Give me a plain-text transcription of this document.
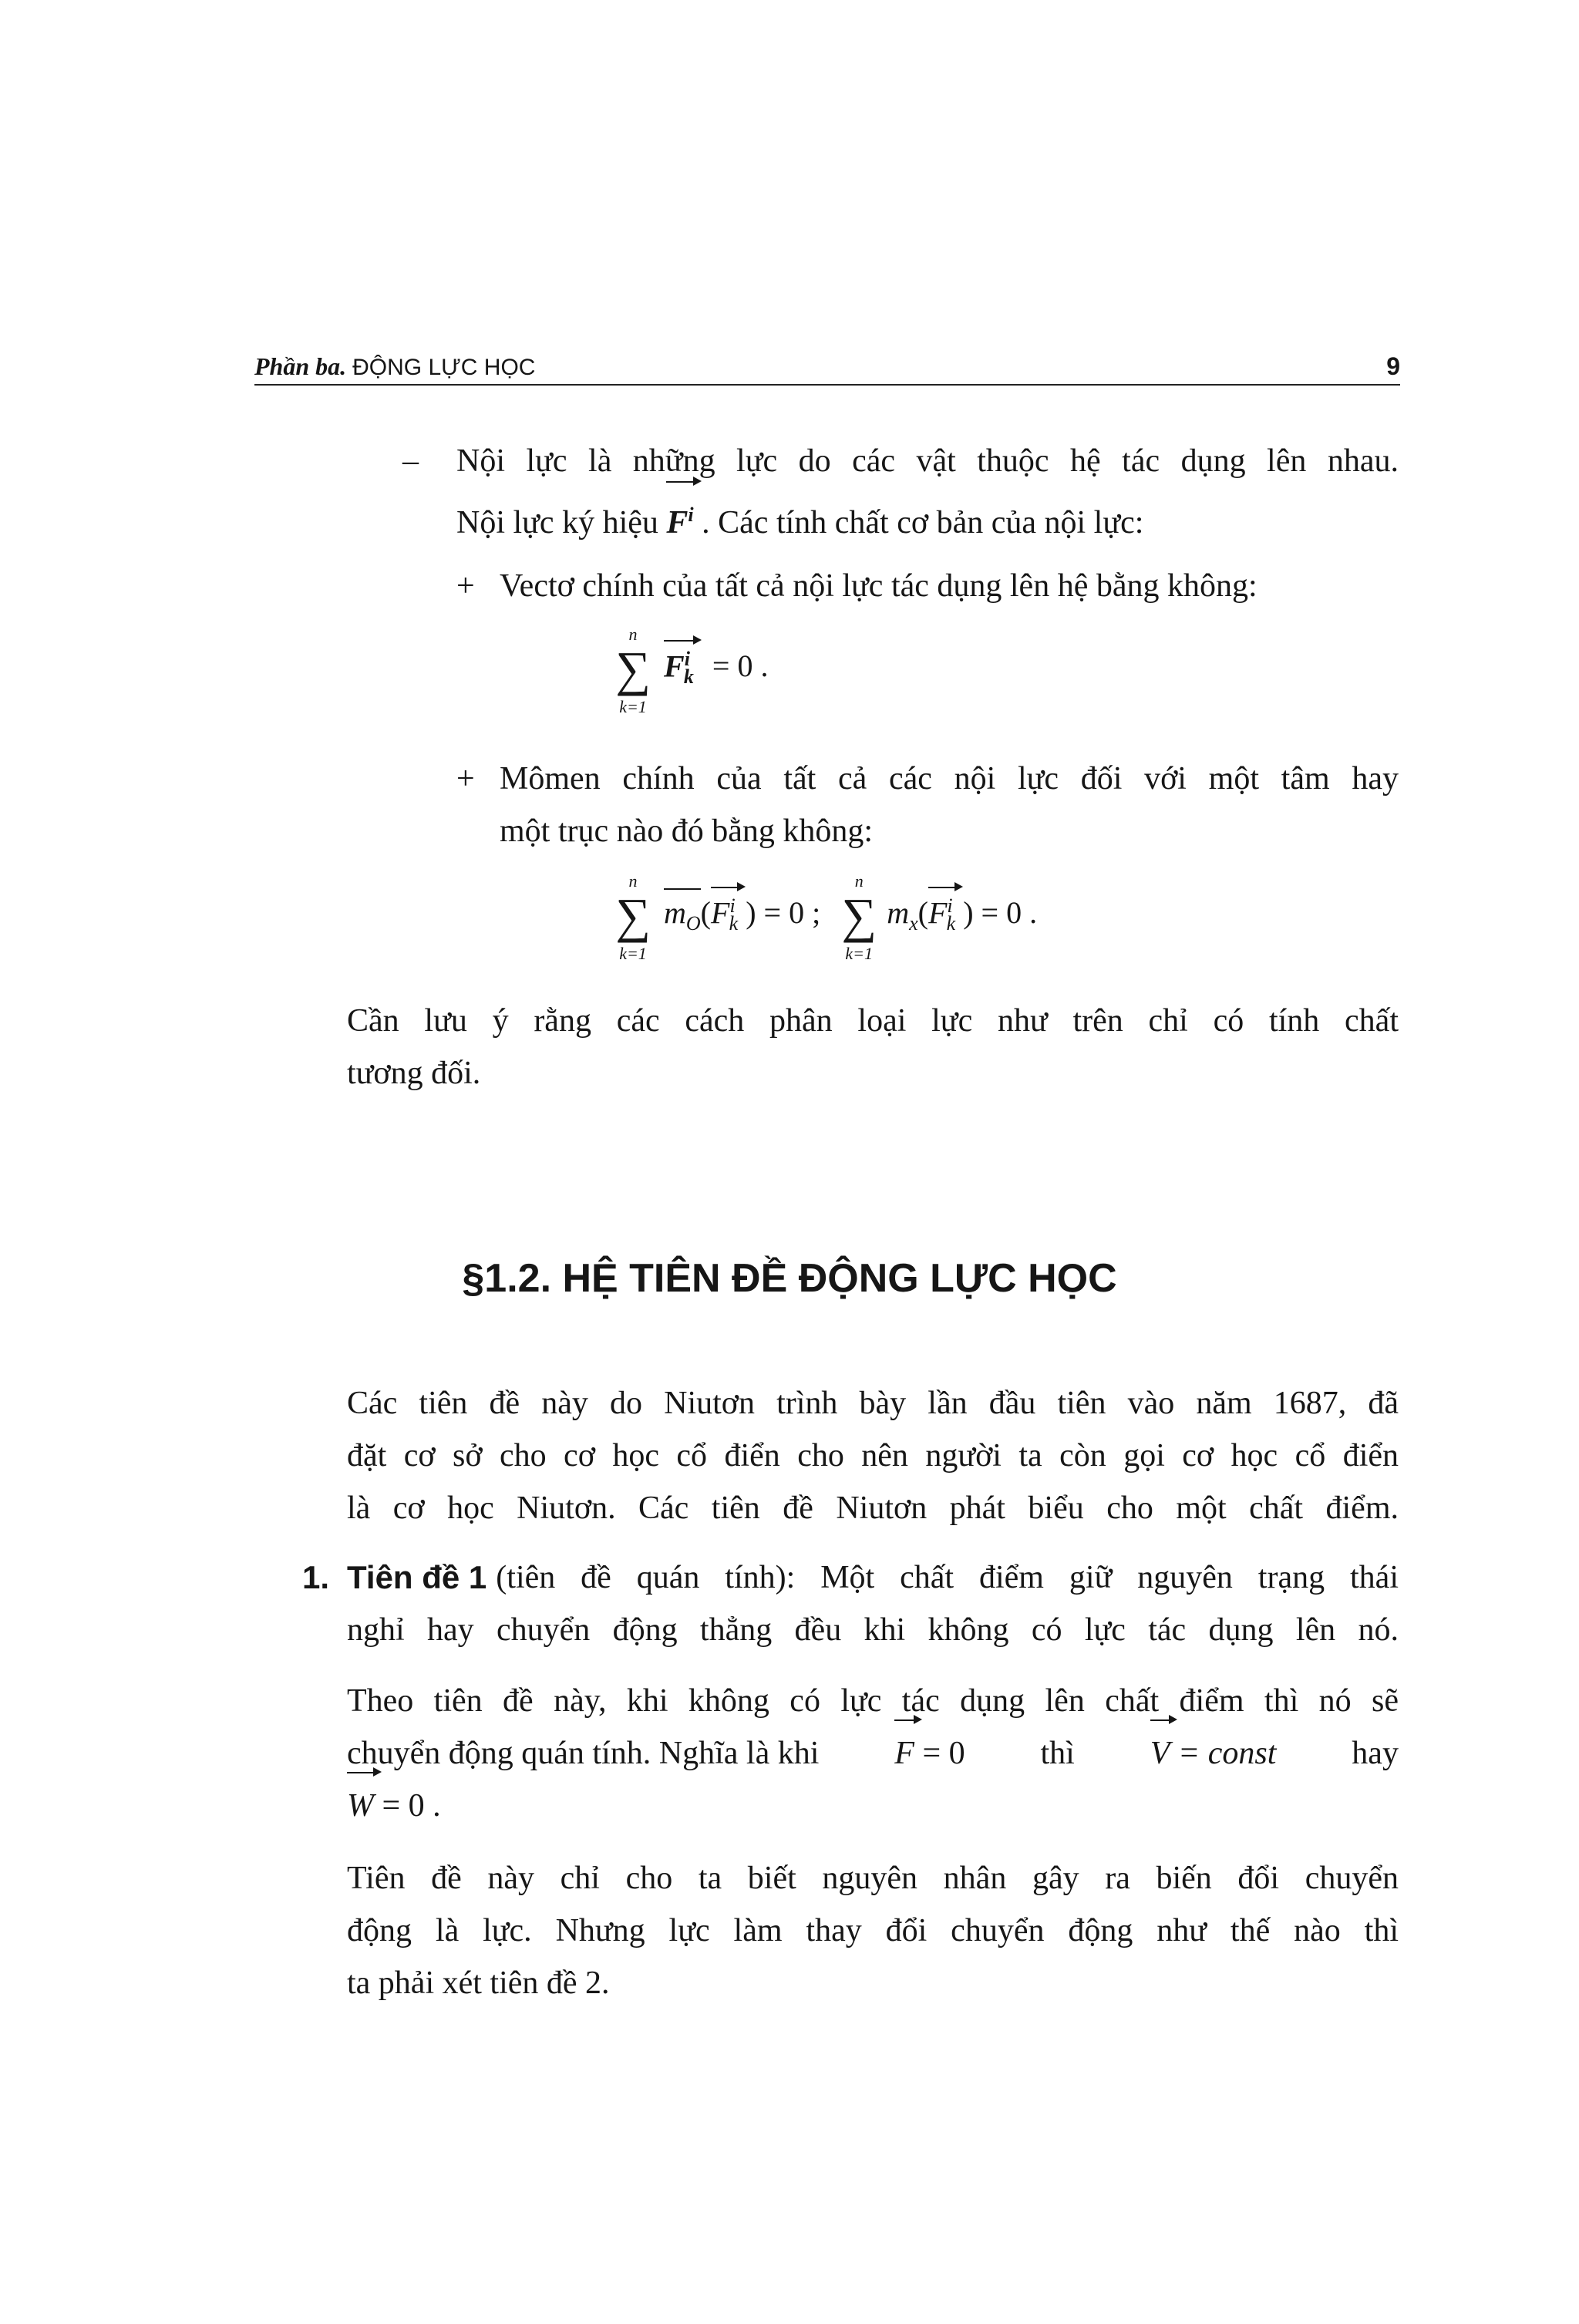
Phần ba. ĐỘNG LỰC HỌC	9
– Nội lực là những lực do các vật thuộc hệ tác dụng lên nhau.
Nội lực ký hiệu $F^i$ . Các tính chất cơ bản của nội lực:
+ Vectơ chính của tất cả nội lực tác dụng lên hệ bằng không:
n
∑
k=1
$F^i_k = 0$ .
+ Mômen chính của tất cả các nội lực đối với một tâm hay
một trục nào đó bằng không:
n
∑
k=1
$m_O(F^i_k$ ) = 0 ;
n
∑
k=1
$m_x(F^i_k$ ) = 0 .
Cần lưu ý rằng các cách phân loại lực như trên chỉ có tính chất
tương đối.
§1.2. HỆ TIÊN ĐỀ ĐỘNG LỰC HỌC
Các tiên đề này do Niutơn trình bày lần đầu tiên vào năm 1687, đã
đặt cơ sở cho cơ học cổ điển cho nên người ta còn gọi cơ học cổ điển
là cơ học Niutơn. Các tiên đề Niutơn phát biểu cho một chất điểm.
1. Tiên đề 1 (tiên đề quán tính): Một chất điểm giữ nguyên trạng thái
nghỉ hay chuyển động thẳng đều khi không có lực tác dụng lên nó.
Theo tiên đề này, khi không có lực tác dụng lên chất điểm thì nó sẽ
chuyển động quán tính. Nghĩa là khi F = 0 thì V = const hay
W = 0 .
Tiên đề này chỉ cho ta biết nguyên nhân gây ra biến đổi chuyển
động là lực. Nhưng lực làm thay đổi chuyển động như thế nào thì
ta phải xét tiên đề 2.
